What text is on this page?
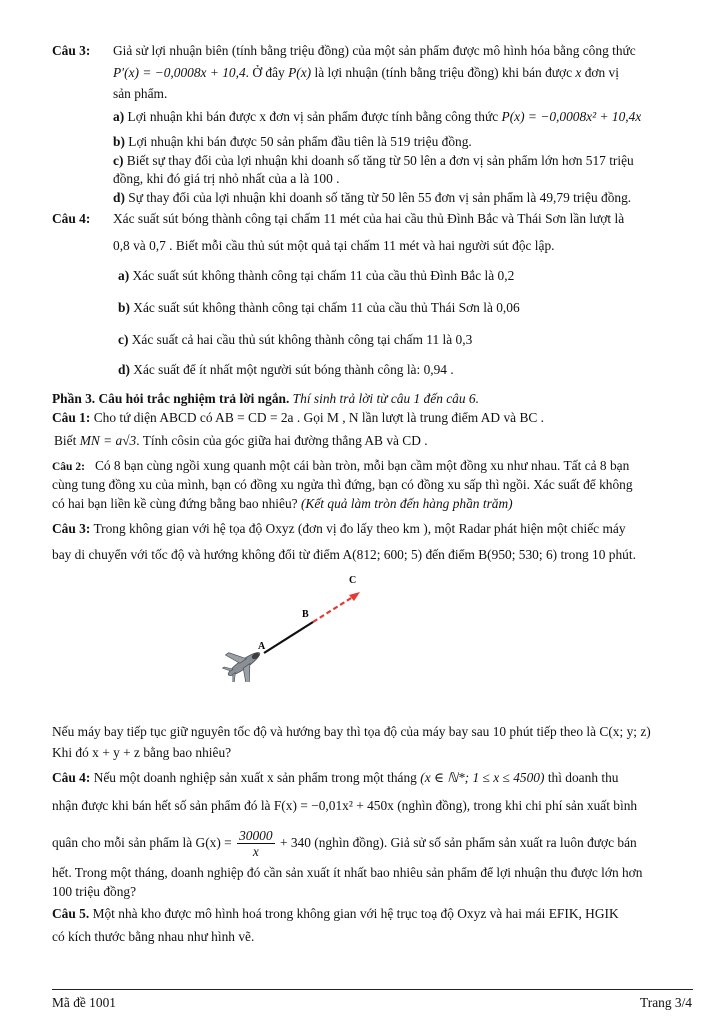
Câu 3: Giả sử lợi nhuận biên (tính bằng triệu đồng) của một sản phẩm được mô hình hóa bằng công thức
P′(x) = −0,0008x + 10,4. Ở đây P(x) là lợi nhuận (tính bằng triệu đồng) khi bán được x đơn vị
sản phẩm.
a) Lợi nhuận khi bán được x đơn vị sản phẩm được tính bằng công thức P(x) = −0,0008x² + 10,4x
b) Lợi nhuận khi bán được 50 sản phẩm đầu tiên là 519 triệu đồng.
c) Biết sự thay đổi của lợi nhuận khi doanh số tăng từ 50 lên a đơn vị sản phẩm lớn hơn 517 triệu
đồng, khi đó giá trị nhỏ nhất của a là 100 .
d) Sự thay đổi của lợi nhuận khi doanh số tăng từ 50 lên 55 đơn vị sản phẩm là 49,79 triệu đồng.
Câu 4: Xác suất sút bóng thành công tại chấm 11 mét của hai cầu thủ Đình Bắc và Thái Sơn lần lượt là
0,8 và 0,7 . Biết mỗi cầu thủ sút một quả tại chấm 11 mét và hai người sút độc lập.
a) Xác suất sút không thành công tại chấm 11 của cầu thủ Đình Bắc là 0,2
b) Xác suất sút không thành công tại chấm 11 của cầu thủ Thái Sơn là 0,06
c) Xác suất cả hai cầu thủ sút không thành công tại chấm 11 là 0,3
d) Xác suất để ít nhất một người sút bóng thành công là: 0,94 .
Phần 3. Câu hỏi trắc nghiệm trả lời ngắn. Thí sinh trả lời từ câu 1 đến câu 6.
Câu 1: Cho tứ diện ABCD có AB = CD = 2a . Gọi M , N lần lượt là trung điểm AD và BC .
Biết MN = a√3. Tính côsin của góc giữa hai đường thẳng AB và CD .
Câu 2: Có 8 bạn cùng ngồi xung quanh một cái bàn tròn, mỗi bạn cầm một đồng xu như nhau. Tất cả 8 bạn
cùng tung đồng xu của mình, bạn có đồng xu ngửa thì đứng, bạn có đồng xu sấp thì ngồi. Xác suất để không
có hai bạn liền kề cùng đứng bằng bao nhiêu? (Kết quả làm tròn đến hàng phần trăm)
Câu 3: Trong không gian với hệ tọa độ Oxyz (đơn vị đo lấy theo km ), một Radar phát hiện một chiếc máy
bay di chuyển với tốc độ và hướng không đổi từ điểm A(812; 600; 5) đến điểm B(950; 530; 6) trong 10 phút.
A
B
C
Nếu máy bay tiếp tục giữ nguyên tốc độ và hướng bay thì tọa độ của máy bay sau 10 phút tiếp theo là C(x; y; z)
Khi đó x + y + z bằng bao nhiêu?
Câu 4: Nếu một doanh nghiệp sản xuất x sản phẩm trong một tháng (x ∈ ℕ*; 1 ≤ x ≤ 4500) thì doanh thu
nhận được khi bán hết số sản phẩm đó là F(x) = −0,01x² + 450x (nghìn đồng), trong khi chi phí sản xuất bình
quân cho mỗi sản phẩm là $G(x) = \frac{30000}{x} + 340$ (nghìn đồng). Giả sử số sản phẩm sản xuất ra luôn được bán
hết. Trong một tháng, doanh nghiệp đó cần sản xuất ít nhất bao nhiêu sản phẩm để lợi nhuận thu được lớn hơn
100 triệu đồng?
Câu 5. Một nhà kho được mô hình hoá trong không gian với hệ trục toạ độ Oxyz và hai mái EFIK, HGIK
có kích thước bằng nhau như hình vẽ.
Mã đề 1001	Trang 3/4
